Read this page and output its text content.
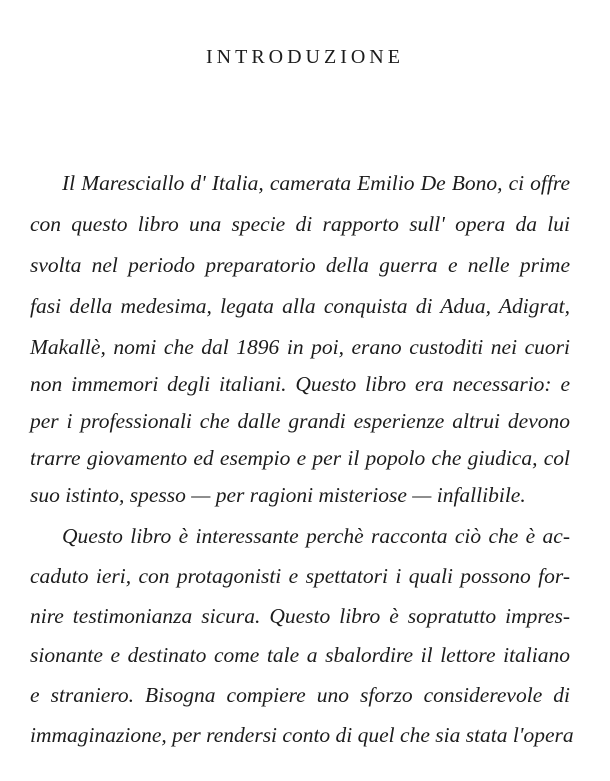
INTRODUZIONE
Il Maresciallo d' Italia, camerata Emilio De Bono, ci offre
con questo libro una specie di rapporto sull' opera da lui
svolta nel periodo preparatorio della guerra e nelle prime
fasi della medesima, legata alla conquista di Adua, Adigrat,
Makallè, nomi che dal 1896 in poi, erano custoditi nei cuori
non immemori degli italiani. Questo libro era necessario: e
per i professionali che dalle grandi esperienze altrui devono
trarre giovamento ed esempio e per il popolo che giudica, col
suo istinto, spesso — per ragioni misteriose — infallibile.
Questo libro è interessante perchè racconta ciò che è ac-
caduto ieri, con protagonisti e spettatori i quali possono for-
nire testimonianza sicura. Questo libro è sopratutto impres-
sionante e destinato come tale a sbalordire il lettore italiano
e straniero. Bisogna compiere uno sforzo considerevole di
immaginazione, per rendersi conto di quel che sia stata l'opera
